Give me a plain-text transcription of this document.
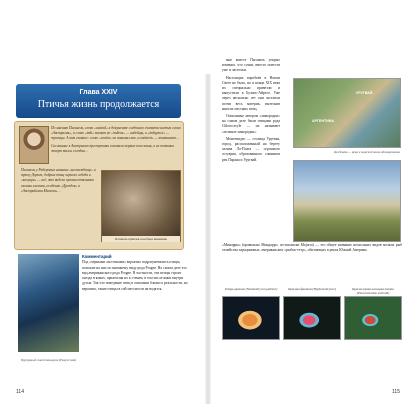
Глава XXIV
Птичья жизнь продолжается

По мнению Паганеля, слово «austral» в документе следовало считать частью слова «Австралия», а слово «indi» значит не «indiens» — индейцы, а «indigenes» — туземцы. А вот главное: слово «contin» он понимал как «continent» — континент…

Сосланные в Австралию преступники основали первые поселения, а их потомки живут там и сегодня…

Паганель у Риберовых называл «на пастбище» и тропу Дороги, добрых птиц черного лебедя и «казуара» — всё, что видели путешественники своими глазами, особенно «Дроздов» и «Австрийская Мимоза»…
Паганель привлек всеобщее внимание
Пурпурный синий танагров (Poupre tala)
Комментарий
Под «черными ласточками» вероятно подразумевались птицы, похожие на них по внешнему виду рода Progne. На самом деле это вид американского рода Progne. В частности, эти птицы строят гнезда в ямках, прилепляя их к стенам, в том числе ямки внутри дупла. Так что поведение птиц в описании близко к реальности, но вероятно, такие птицы в той местности не водятся.
114

мне вместе Паганель упорно изменил, что сотни, вместо повести уже и ласточки.

Настоящих воробьёв в Новом Свете не было, но в конце XIX века их специально привезли и выпустили в Буэнос-Айресе. Уже через несколько лет они заселили почти весь материк, вытеснив многих местных птиц.

Описанные автором «зимородки» на самом деле были птицами рода Chloroceryle — их называют «зеленые зимородки».

Монтевидео — столица Уругвая, город, расположенный на берегу залива Ла-Плата — огромного эстуария, образованного слиянием рек Парана и Уругвай.

УРУГВАЙ
АРГЕНТИНА
Ла-Плата — река и морской залив одновременно
«Минарры» (правильно Миндарро, по-испански Mojarra) — это общее название нескольких видов мелких рыб семейства харациновых, американских «рыбок-тетр», обитающих в реках Южной Америки.
Тетра-арлекин (Nematobrycon palmeri)	Красная фантом (Hyphessobrycon)	Красногорлая неоновая тетра (Paracheirodon axelrodi)
115
